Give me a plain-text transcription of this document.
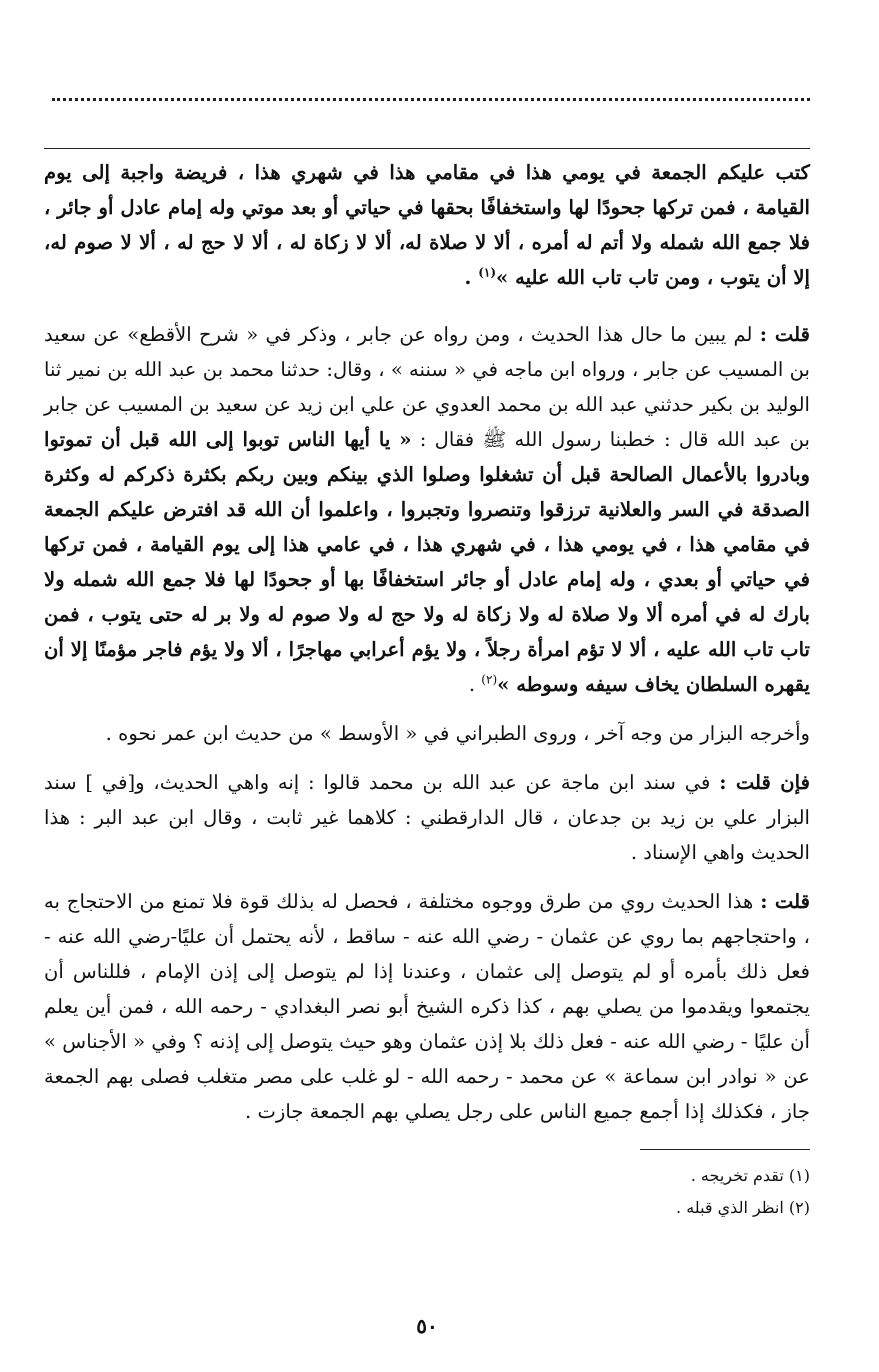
كتب عليكم الجمعة في يومي هذا في مقامي هذا في شهري هذا ، فريضة واجبة إلى يوم القيامة ، فمن تركها جحودًا لها واستخفافًا بحقها في حياتي أو بعد موتي وله إمام عادل أو جائر ، فلا جمع الله شمله ولا أتم له أمره ، ألا لا صلاة له، ألا لا زكاة له ، ألا لا حج له ، ألا لا صوم له، إلا أن يتوب ، ومن تاب تاب الله عليه »$^{(١)}$ .

قلت : لم يبين ما حال هذا الحديث ، ومن رواه عن جابر ، وذكر في « شرح الأقطع» عن سعيد بن المسيب عن جابر ، ورواه ابن ماجه في « سننه » ، وقال: حدثنا محمد بن عبد الله بن نمير ثنا الوليد بن بكير حدثني عبد الله بن محمد العدوي عن علي ابن زيد عن سعيد بن المسيب عن جابر بن عبد الله قال : خطبنا رسول الله ﷺ فقال : « يا أيها الناس توبوا إلى الله قبل أن تموتوا وبادروا بالأعمال الصالحة قبل أن تشغلوا وصلوا الذي بينكم وبين ربكم بكثرة ذكركم له وكثرة الصدقة في السر والعلانية ترزقوا وتنصروا وتجبروا ، واعلموا أن الله قد افترض عليكم الجمعة في مقامي هذا ، في يومي هذا ، في شهري هذا ، في عامي هذا إلى يوم القيامة ، فمن تركها في حياتي أو بعدي ، وله إمام عادل أو جائر استخفافًا بها أو جحودًا لها فلا جمع الله شمله ولا بارك له في أمره ألا ولا صلاة له ولا زكاة له ولا حج له ولا صوم له ولا بر له حتى يتوب ، فمن تاب تاب الله عليه ، ألا لا تؤم امرأة رجلاً ، ولا يؤم أعرابي مهاجرًا ، ألا ولا يؤم فاجر مؤمنًا إلا أن يقهره السلطان يخاف سيفه وسوطه »$^{(٢)}$ .

وأخرجه البزار من وجه آخر ، وروى الطبراني في « الأوسط » من حديث ابن عمر نحوه .

فإن قلت : في سند ابن ماجة عن عبد الله بن محمد قالوا : إنه واهي الحديث، و[في ] سند البزار علي بن زيد بن جدعان ، قال الدارقطني : كلاهما غير ثابت ، وقال ابن عبد البر : هذا الحديث واهي الإسناد .

قلت : هذا الحديث روي من طرق ووجوه مختلفة ، فحصل له بذلك قوة فلا تمنع من الاحتجاج به ، واحتجاجهم بما روي عن عثمان - رضي الله عنه - ساقط ، لأنه يحتمل أن عليًا-رضي الله عنه - فعل ذلك بأمره أو لم يتوصل إلى عثمان ، وعندنا إذا لم يتوصل إلى إذن الإمام ، فللناس أن يجتمعوا ويقدموا من يصلي بهم ، كذا ذكره الشيخ أبو نصر البغدادي - رحمه الله ، فمن أين يعلم أن عليًا - رضي الله عنه - فعل ذلك بلا إذن عثمان وهو حيث يتوصل إلى إذنه ؟ وفي « الأجناس » عن « نوادر ابن سماعة » عن محمد - رحمه الله - لو غلب على مصر متغلب فصلى بهم الجمعة جاز ، فكذلك إذا أجمع جميع الناس على رجل يصلي بهم الجمعة جازت .

(١) تقدم تخريجه .
(٢) انظر الذي قبله .
٥٠
